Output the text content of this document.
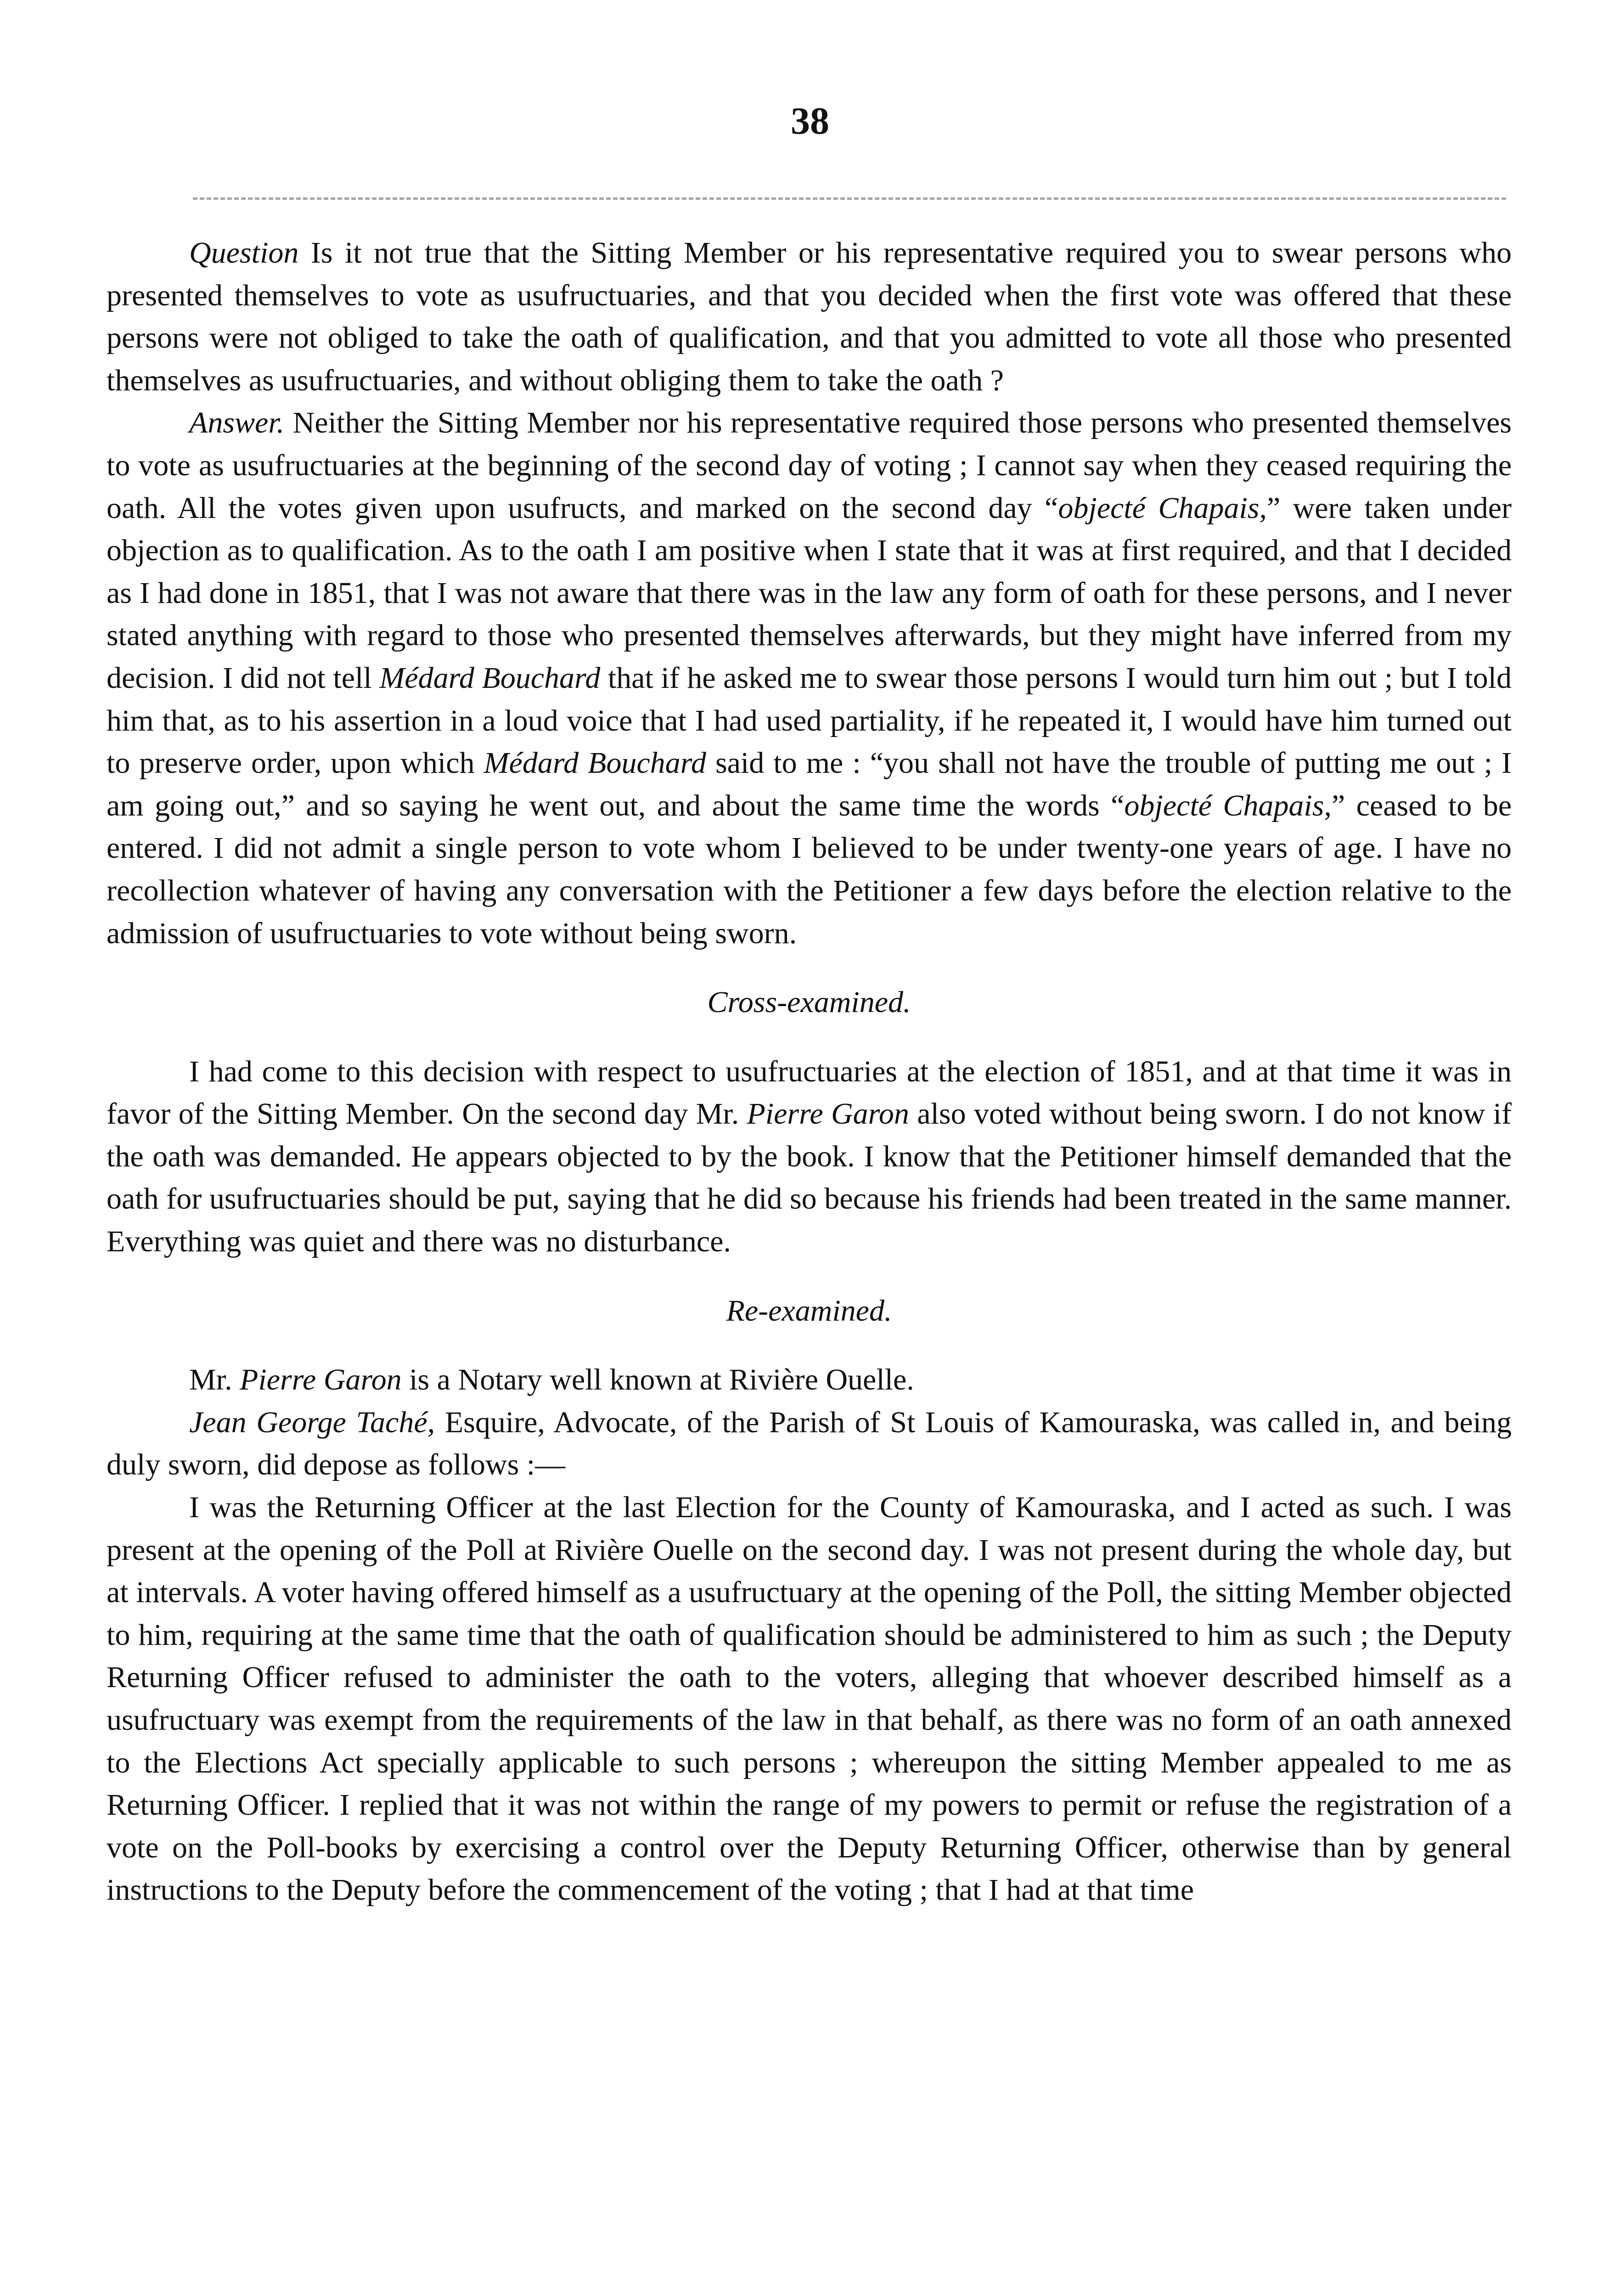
38

Question Is it not true that the Sitting Member or his representative required you to swear persons who presented themselves to vote as usufructuaries, and that you decided when the first vote was offered that these persons were not obliged to take the oath of qualification, and that you admitted to vote all those who presented themselves as usufructuaries, and without obliging them to take the oath ?

Answer. Neither the Sitting Member nor his representative required those persons who presented themselves to vote as usufructuaries at the beginning of the second day of voting ; I cannot say when they ceased requiring the oath. All the votes given upon usufructs, and marked on the second day “objecté Chapais,” were taken under objection as to qualification. As to the oath I am positive when I state that it was at first required, and that I decided as I had done in 1851, that I was not aware that there was in the law any form of oath for these persons, and I never stated anything with regard to those who presented themselves afterwards, but they might have inferred from my decision. I did not tell Médard Bouchard that if he asked me to swear those persons I would turn him out ; but I told him that, as to his assertion in a loud voice that I had used partiality, if he repeated it, I would have him turned out to preserve order, upon which Médard Bouchard said to me : “you shall not have the trouble of putting me out ; I am going out,” and so saying he went out, and about the same time the words “objecté Chapais,” ceased to be entered. I did not admit a single person to vote whom I believed to be under twenty-one years of age. I have no recollection whatever of having any conversation with the Petitioner a few days before the election relative to the admission of usufructuaries to vote without being sworn.

Cross-examined.

I had come to this decision with respect to usufructuaries at the election of 1851, and at that time it was in favor of the Sitting Member. On the second day Mr. Pierre Garon also voted without being sworn. I do not know if the oath was demanded. He appears objected to by the book. I know that the Petitioner himself demanded that the oath for usufructuaries should be put, saying that he did so because his friends had been treated in the same manner. Everything was quiet and there was no disturbance.

Re-examined.

Mr. Pierre Garon is a Notary well known at Rivière Ouelle.

Jean George Taché, Esquire, Advocate, of the Parish of St Louis of Kamouraska, was called in, and being duly sworn, did depose as follows :—

I was the Returning Officer at the last Election for the County of Kamouraska, and I acted as such. I was present at the opening of the Poll at Rivière Ouelle on the second day. I was not present during the whole day, but at intervals. A voter having offered himself as a usufructuary at the opening of the Poll, the sitting Member objected to him, requiring at the same time that the oath of qualification should be administered to him as such ; the Deputy Returning Officer refused to administer the oath to the voters, alleging that whoever described himself as a usufructuary was exempt from the requirements of the law in that behalf, as there was no form of an oath annexed to the Elections Act specially applicable to such persons ; whereupon the sitting Member appealed to me as Returning Officer. I replied that it was not within the range of my powers to permit or refuse the registration of a vote on the Poll-books by exercising a control over the Deputy Returning Officer, otherwise than by general instructions to the Deputy before the commencement of the voting ; that I had at that time
